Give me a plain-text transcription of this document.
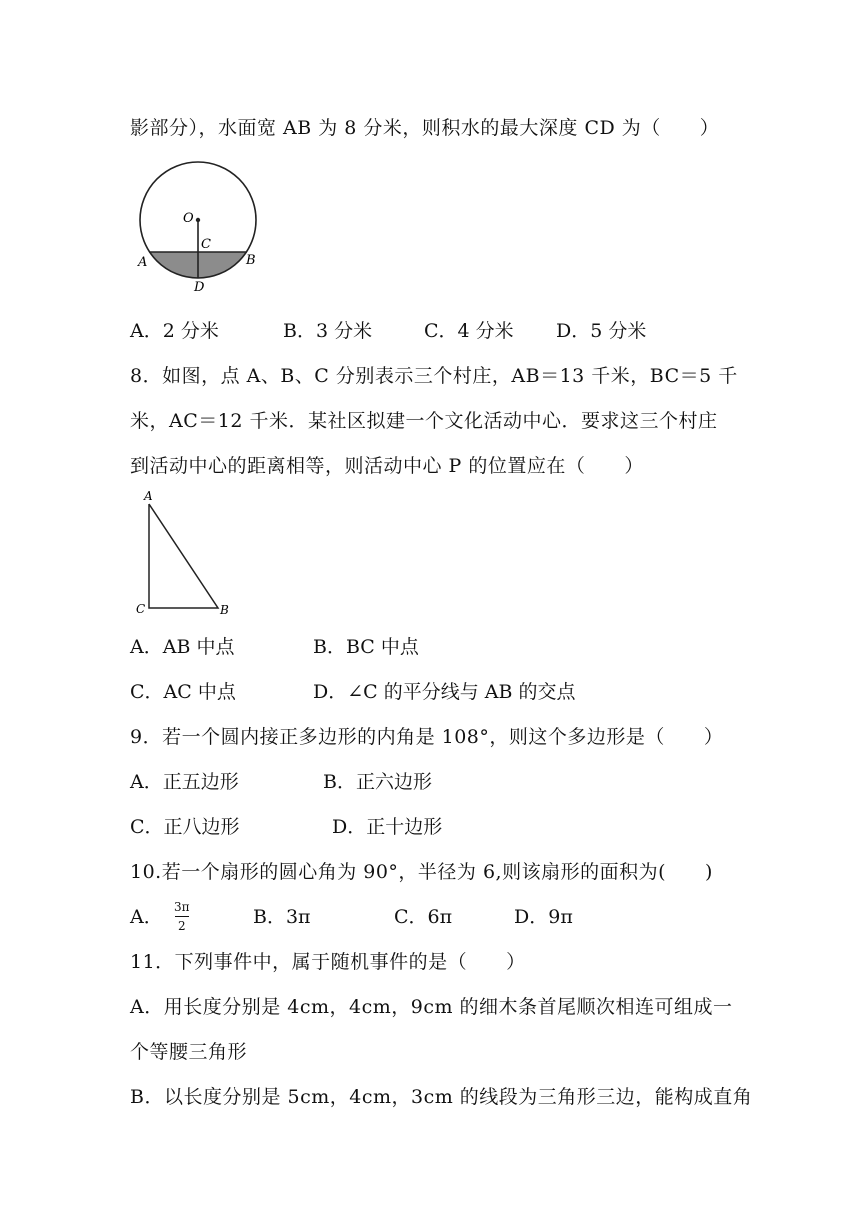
影部分），水面宽 AB 为 8 分米，则积水的最大深度 CD 为（　　）
O
C
A	B
D
A．2 分米	B．3 分米	C．4 分米 D．5 分米
8．如图，点 A、B、C 分别表示三个村庄，AB＝13 千米，BC＝5 千
米，AC＝12 千米．某社区拟建一个文化活动中心．要求这三个村庄
到活动中心的距离相等，则活动中心 P 的位置应在（　　）
A
C	B
A．AB 中点	B．BC 中点
C．AC 中点	D．∠C 的平分线与 AB 的交点
9．若一个圆内接正多边形的内角是 108°，则这个多边形是（　　）
A．正五边形	B．正六边形
C．正八边形	D．正十边形
10.若一个扇形的圆心角为 90°，半径为 6,则该扇形的面积为(　　)
A． 3π
2	B．3π	C．6π	D．9π
11．下列事件中，属于随机事件的是（　　）
A．用长度分别是 4cm，4cm，9cm 的细木条首尾顺次相连可组成一
个等腰三角形
B．以长度分别是 5cm，4cm，3cm 的线段为三角形三边，能构成直角
